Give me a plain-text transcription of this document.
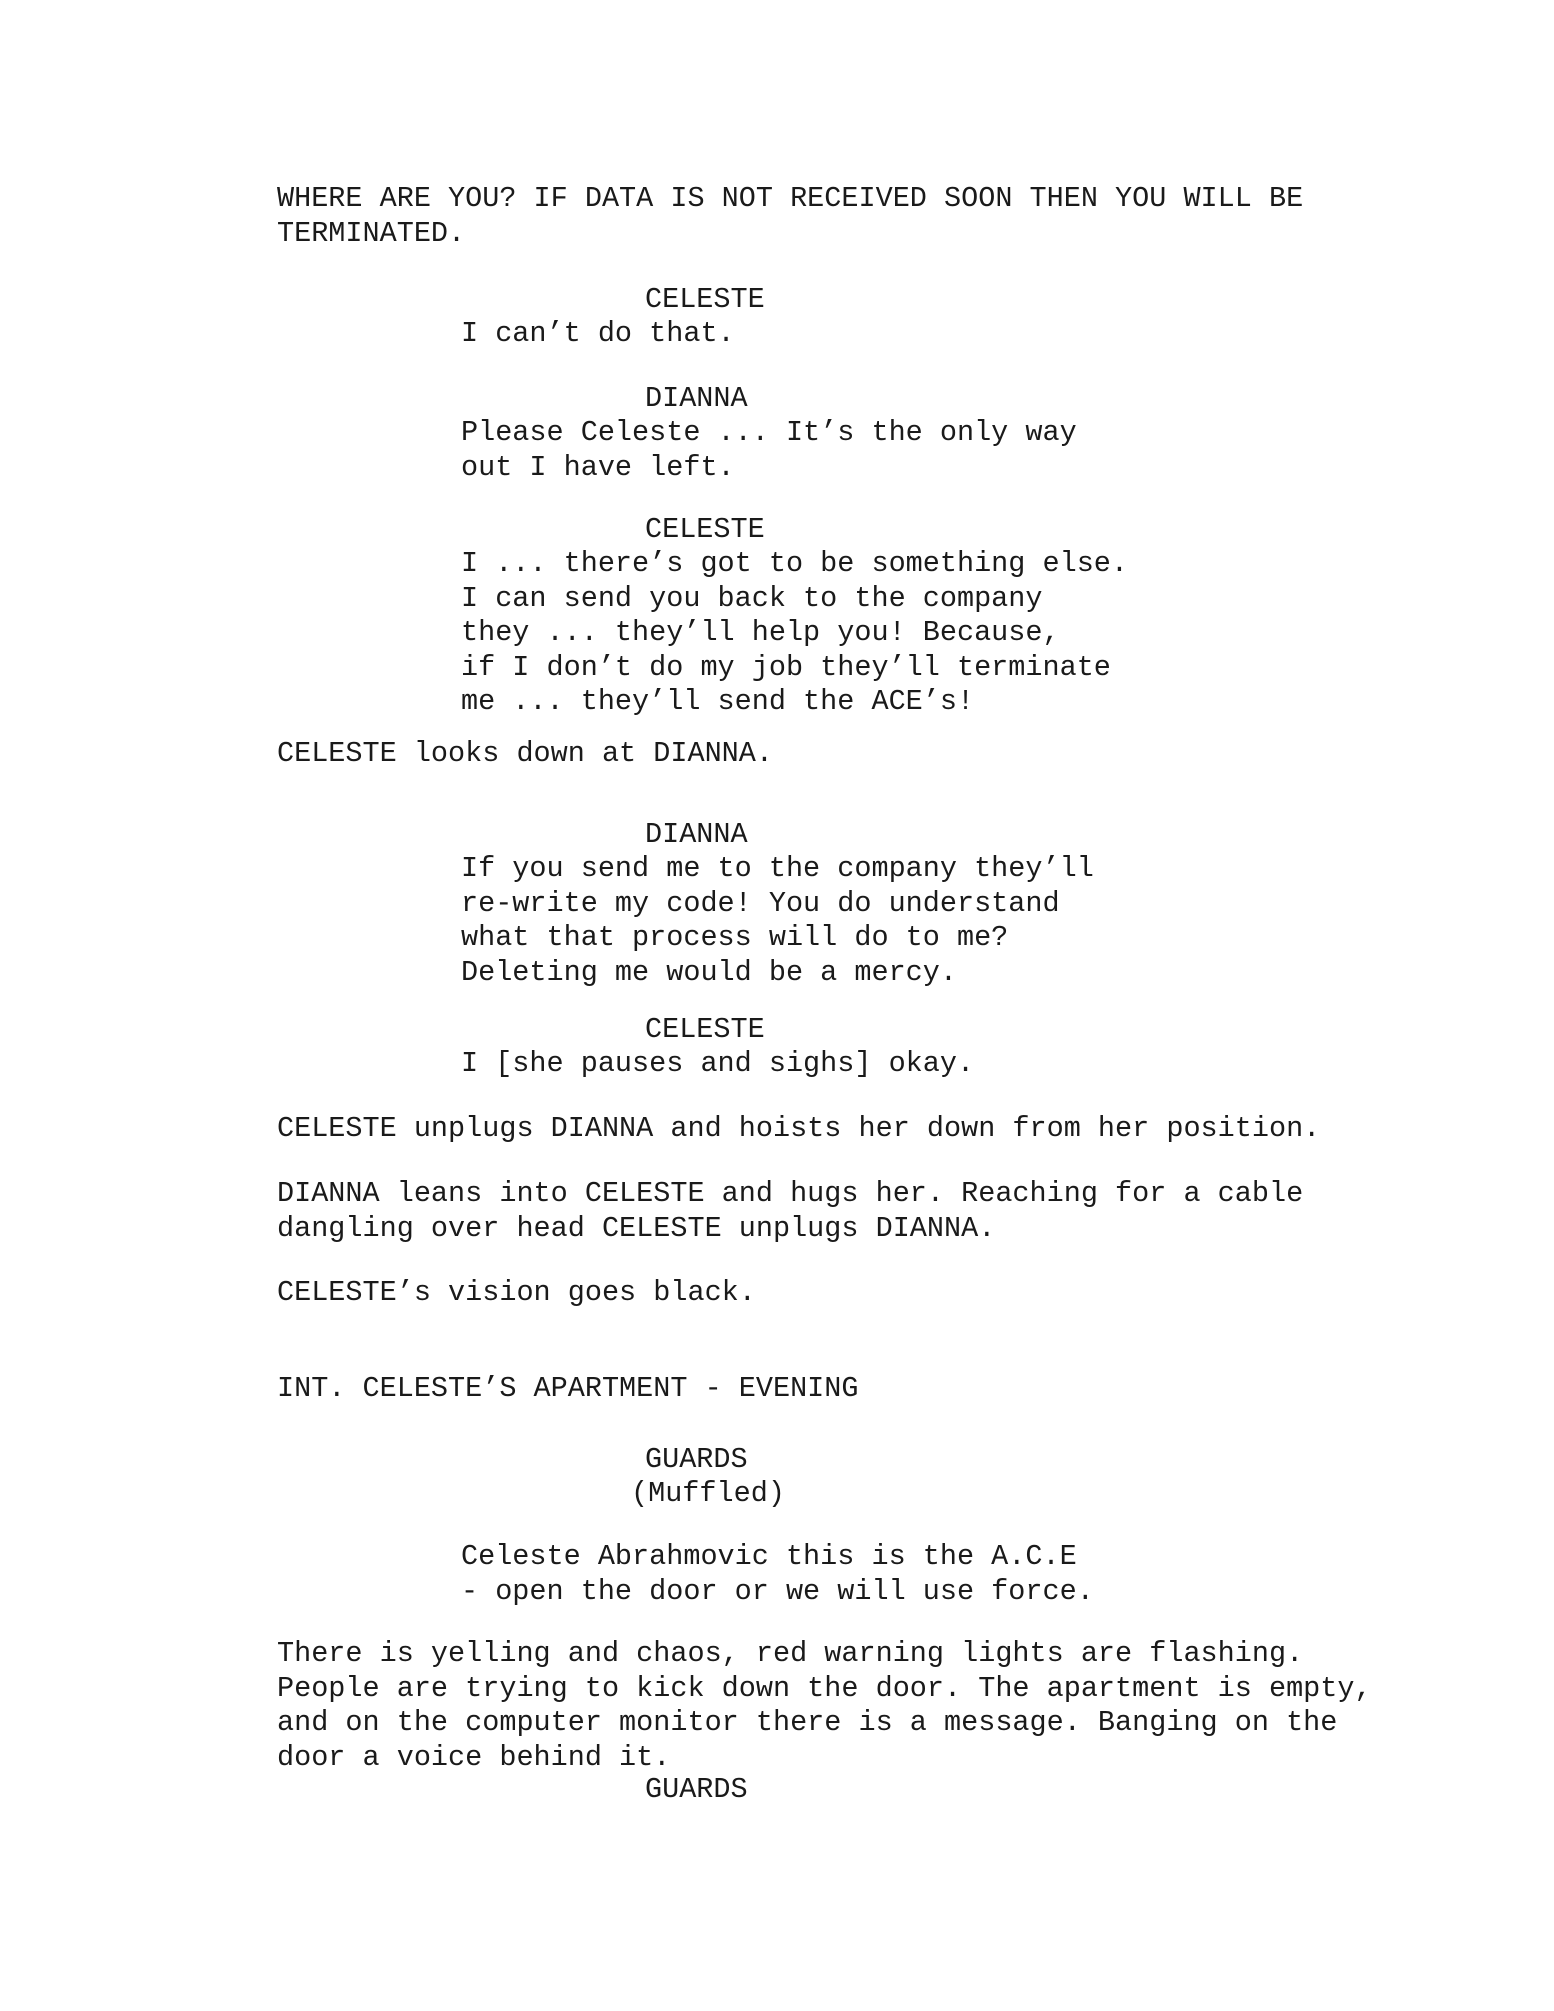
WHERE ARE YOU? IF DATA IS NOT RECEIVED SOON THEN YOU WILL BE
TERMINATED.
CELESTE
I can’t do that.
DIANNA
Please Celeste ... It’s the only way
out I have left.
CELESTE
I ... there’s got to be something else.
I can send you back to the company
they ... they’ll help you! Because,
if I don’t do my job they’ll terminate
me ... they’ll send the ACE’s!
CELESTE looks down at DIANNA.
DIANNA
If you send me to the company they’ll
re-write my code! You do understand
what that process will do to me?
Deleting me would be a mercy.
CELESTE
I [she pauses and sighs] okay.
CELESTE unplugs DIANNA and hoists her down from her position.
DIANNA leans into CELESTE and hugs her. Reaching for a cable
dangling over head CELESTE unplugs DIANNA.
CELESTE’s vision goes black.
INT. CELESTE’S APARTMENT - EVENING
GUARDS
(Muffled)
Celeste Abrahmovic this is the A.C.E
- open the door or we will use force.
There is yelling and chaos, red warning lights are flashing.
People are trying to kick down the door. The apartment is empty,
and on the computer monitor there is a message. Banging on the
door a voice behind it.
GUARDS
